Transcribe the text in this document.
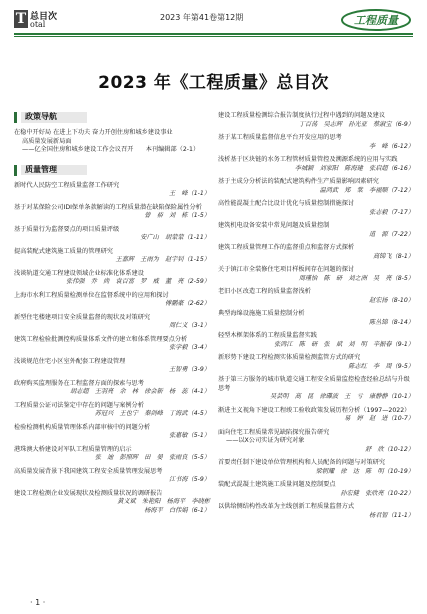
T 总目次
otal
2023 年第41卷第12期	工程质量
2023 年《工程质量》总目次
政策导航
在稳中开好局 在进上下功夫 奋力开创住房和城乡建设事业
高质量发展新局面
——亿全国住房和城乡建设工作会议召开　　本刊编辑部（2-1）
质量管理
新时代人民防空工程质量监督工作研究
王　峰（1-1）
基于对某保险公司IDI保单条款解读的工程质量潜在缺陷保险属性分析
曾　裕　刘　栋（1-5）
基于质量行为监督要点的项目质量评级
安广山　胡蒙蒙（1-11）
提高装配式建筑施工质量的管理研究
王嘉辉　王雨为　赵宇钊（1-15）
浅谈轨道交通工程建设领域企业标准化体系建设
张伟强　乔　尚　袁百富　罗　威　董　亮（2-59）
上海市水利工程质量检测单位在监督系统中的应用和探讨
傅鹏豪（2-62）
新型住宅楼建项目安全质量监督的现状及对策研究
周仁义（3-1）
建筑工程检验批测控构质量体系文件的建立和体系管理要点分析
张学毅（3-4）
浅谈规范住宅小区室外配套工程建设管理
王智勇（3-9）
政府购买监理服务在工程监督方面的探索与思考
胡志超　王羽亮　余　林　徐会新　杨　蕊（4-1）
工程质量公证司法鉴定中存在的问题与案例分析
苏冠兴　王也宁　秦剑峰　丁海武（4-5）
检验检测机构质量管理体系内部审核中的问题分析
张惠敏（5-1）
港珠澳大桥建设对军队工程质量管理的启示
张　迪　彭照晖　田　晏　张雨良（5-5）
高质量发展背景下我国建筑工程安全质量管理发展思考
江书海（5-9）
建设工程检测企业发展现状及检测质量状况的调研报告
黄义斌　朱艳阳　杨海平　李晓彬
杨海平　白伟娟（6-1）
建设工程质量检测综合报告制度执行过程中遇到的问题及建议
丁百荡　吴志辉　孙光亚　蔡淑宝（6-9）
基于某工程质量监督信息平台开发应用的思考
李　峰（6-12）
浅析基于区块链的水务工程管材质量管控及溯源系统的应用与实践
李城颖　刘家阳　陈海建　张启超（6-16）
基于主成分分析法的装配式建筑构件生产质量影响因素研究
温鸿武　郑　棠　李福顺（7-12）
高性能混凝土配合比设计优化与质量控制措施探讨
张志毅（7-17）
建筑机电设备安装中常见问题及质量控制
道　源（7-22）
建筑工程质量管理工作的监督重点和监督方式探析
高锦飞（8-1）
关于镇江市全装修住宅项目样板间存在问题的探讨
周瑾怡　陈　研　刘之洲　吴　亮（8-5）
老旧小区改造工程的质量监督浅析
赵宏扬（8-10）
典型海绵设施施工质量控制分析
陈丛锦（8-14）
轻型木框架体系的工程质量监督实践
张鸿江　陈　研　张　斌　刘　明　辛振春（9-1）
新形势下建设工程检测实体质量检测监管方式的研究
陈志红　李　周（9-5）
基于第三方服务的城市轨道交通工程安全质量监控检查经验总结与升级思考
吴芸明　高　昆　徐碟波　王　亏　康静静（10-1）
渐进主义视角下建设工程竣工验收政策发展历程分析（1997—2022）
易　婷　赵　进（10-7）
面向住宅工程质量常见缺陷探究报告研究
——以X公司实证为研究对象
舒　欣（10-12）
首要责任制下建设单位管理机构和人员配备的问题与对策研究
梁朝耀　徐　达　陈　明（10-19）
装配式混凝土建筑施工质量问题及控制要点
孙宏健　张欣亮（10-22）
以供给侧结构性改革为主线创新工程质量监督方式
杨君智（11-1）
· 1 ·
